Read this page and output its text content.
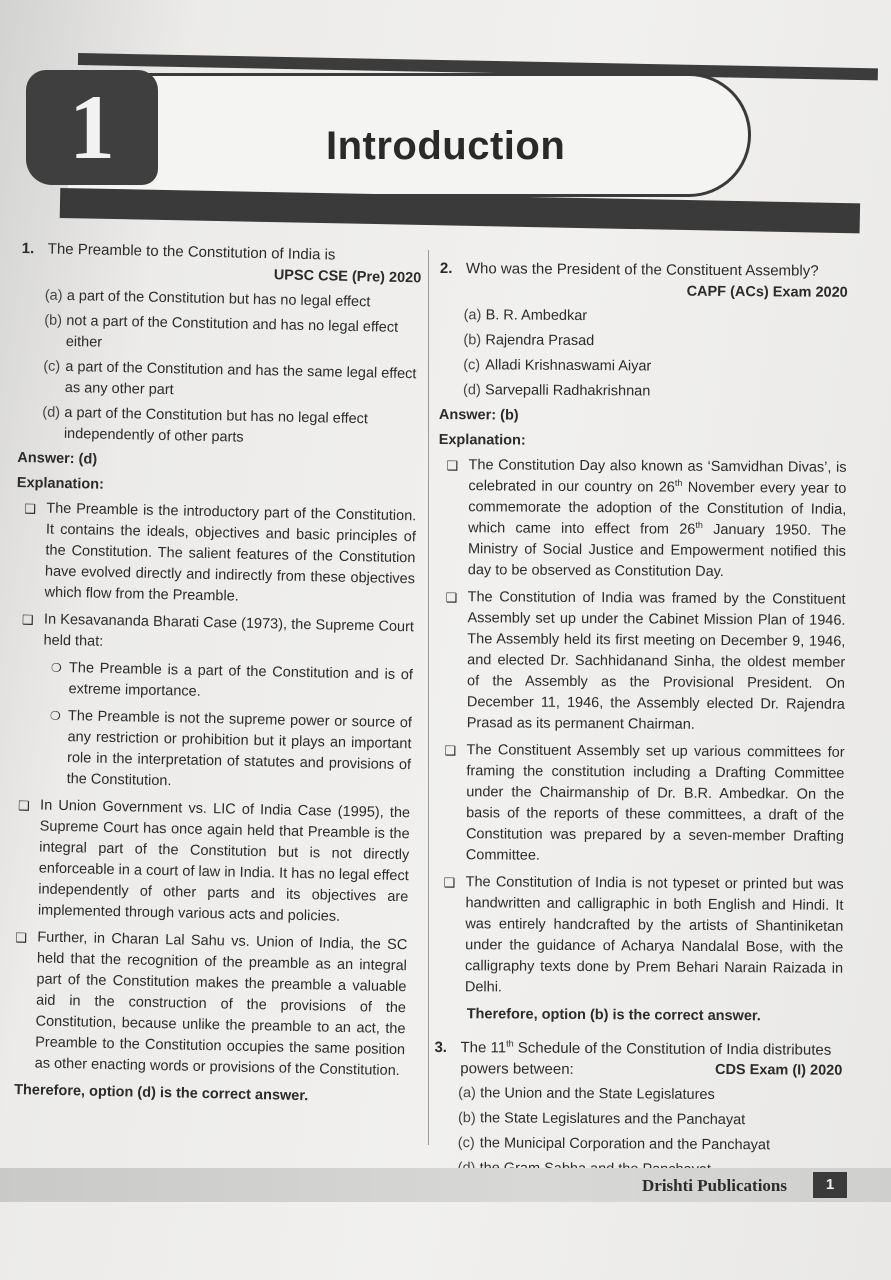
1	Introduction
1. The Preamble to the Constitution of India is
UPSC CSE (Pre) 2020
(a) a part of the Constitution but has no legal effect
(b) not a part of the Constitution and has no legal effect either
(c) a part of the Constitution and has the same legal effect as any other part
(d) a part of the Constitution but has no legal effect independently of other parts
Answer: (d)
Explanation:
❑ The Preamble is the introductory part of the Constitution. It contains the ideals, objectives and basic principles of the Constitution. The salient features of the Constitution have evolved directly and indirectly from these objectives which flow from the Preamble.
❑ In Kesavananda Bharati Case (1973), the Supreme Court held that:
❍ The Preamble is a part of the Constitution and is of extreme importance.
❍ The Preamble is not the supreme power or source of any restriction or prohibition but it plays an important role in the interpretation of statutes and provisions of the Constitution.
❑ In Union Government vs. LIC of India Case (1995), the Supreme Court has once again held that Preamble is the integral part of the Constitution but is not directly enforceable in a court of law in India. It has no legal effect independently of other parts and its objectives are implemented through various acts and policies.
❑ Further, in Charan Lal Sahu vs. Union of India, the SC held that the recognition of the preamble as an integral part of the Constitution makes the preamble a valuable aid in the construction of the provisions of the Constitution, because unlike the preamble to an act, the Preamble to the Constitution occupies the same position as other enacting words or provisions of the Constitution.
Therefore, option (d) is the correct answer.
2. Who was the President of the Constituent Assembly?
CAPF (ACs) Exam 2020
(a) B. R. Ambedkar
(b) Rajendra Prasad
(c) Alladi Krishnaswami Aiyar
(d) Sarvepalli Radhakrishnan
Answer: (b)
Explanation:
❑ The Constitution Day also known as ‘Samvidhan Divas’, is celebrated in our country on 26th November every year to commemorate the adoption of the Constitution of India, which came into effect from 26th January 1950. The Ministry of Social Justice and Empowerment notified this day to be observed as Constitution Day.
❑ The Constitution of India was framed by the Constituent Assembly set up under the Cabinet Mission Plan of 1946. The Assembly held its first meeting on December 9, 1946, and elected Dr. Sachhidanand Sinha, the oldest member of the Assembly as the Provisional President. On December 11, 1946, the Assembly elected Dr. Rajendra Prasad as its permanent Chairman.
❑ The Constituent Assembly set up various committees for framing the constitution including a Drafting Committee under the Chairmanship of Dr. B.R. Ambedkar. On the basis of the reports of these committees, a draft of the Constitution was prepared by a seven-member Drafting Committee.
❑ The Constitution of India is not typeset or printed but was handwritten and calligraphic in both English and Hindi. It was entirely handcrafted by the artists of Shantiniketan under the guidance of Acharya Nandalal Bose, with the calligraphy texts done by Prem Behari Narain Raizada in Delhi.
Therefore, option (b) is the correct answer.
3. The 11th Schedule of the Constitution of India distributes powers between:	CDS Exam (I) 2020
(a) the Union and the State Legislatures
(b) the State Legislatures and the Panchayat
(c) the Municipal Corporation and the Panchayat
Drishti Publications	1
